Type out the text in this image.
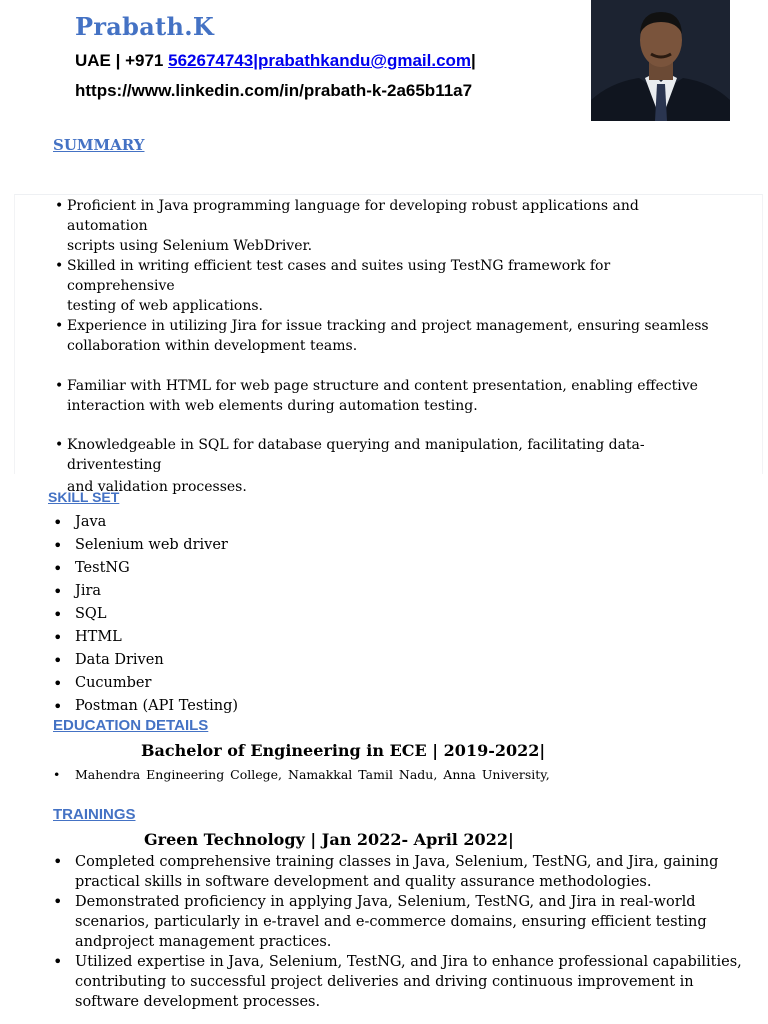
Prabath.K
UAE | +971 562674743|prabathkandu@gmail.com|
https://www.linkedin.com/in/prabath-k-2a65b11a7
SUMMARY
• Proficient in Java programming language for developing robust applications and automation
scripts using Selenium WebDriver.
• Skilled in writing efficient test cases and suites using TestNG framework for comprehensive
testing of web applications.
• Experience in utilizing Jira for issue tracking and project management, ensuring seamless
collaboration within development teams.
• Familiar with HTML for web page structure and content presentation, enabling effective
interaction with web elements during automation testing.
• Knowledgeable in SQL for database querying and manipulation, facilitating data-driventesting
and validation processes.
SKILL SET
• Java
• Selenium web driver
• TestNG
• Jira
• SQL
• HTML
• Data Driven
• Cucumber
• Postman (API Testing)
EDUCATION DETAILS
Bachelor of Engineering in ECE | 2019-2022|
• Mahendra Engineering College, Namakkal Tamil Nadu, Anna University,
TRAININGS
Green Technology | Jan 2022- April 2022|
• Completed comprehensive training classes in Java, Selenium, TestNG, and Jira, gaining practical skills in software development and quality assurance methodologies.
• Demonstrated proficiency in applying Java, Selenium, TestNG, and Jira in real-world scenarios, particularly in e-travel and e-commerce domains, ensuring efficient testing andproject management practices.
• Utilized expertise in Java, Selenium, TestNG, and Jira to enhance professional capabilities, contributing to successful project deliveries and driving continuous improvement in software development processes.
